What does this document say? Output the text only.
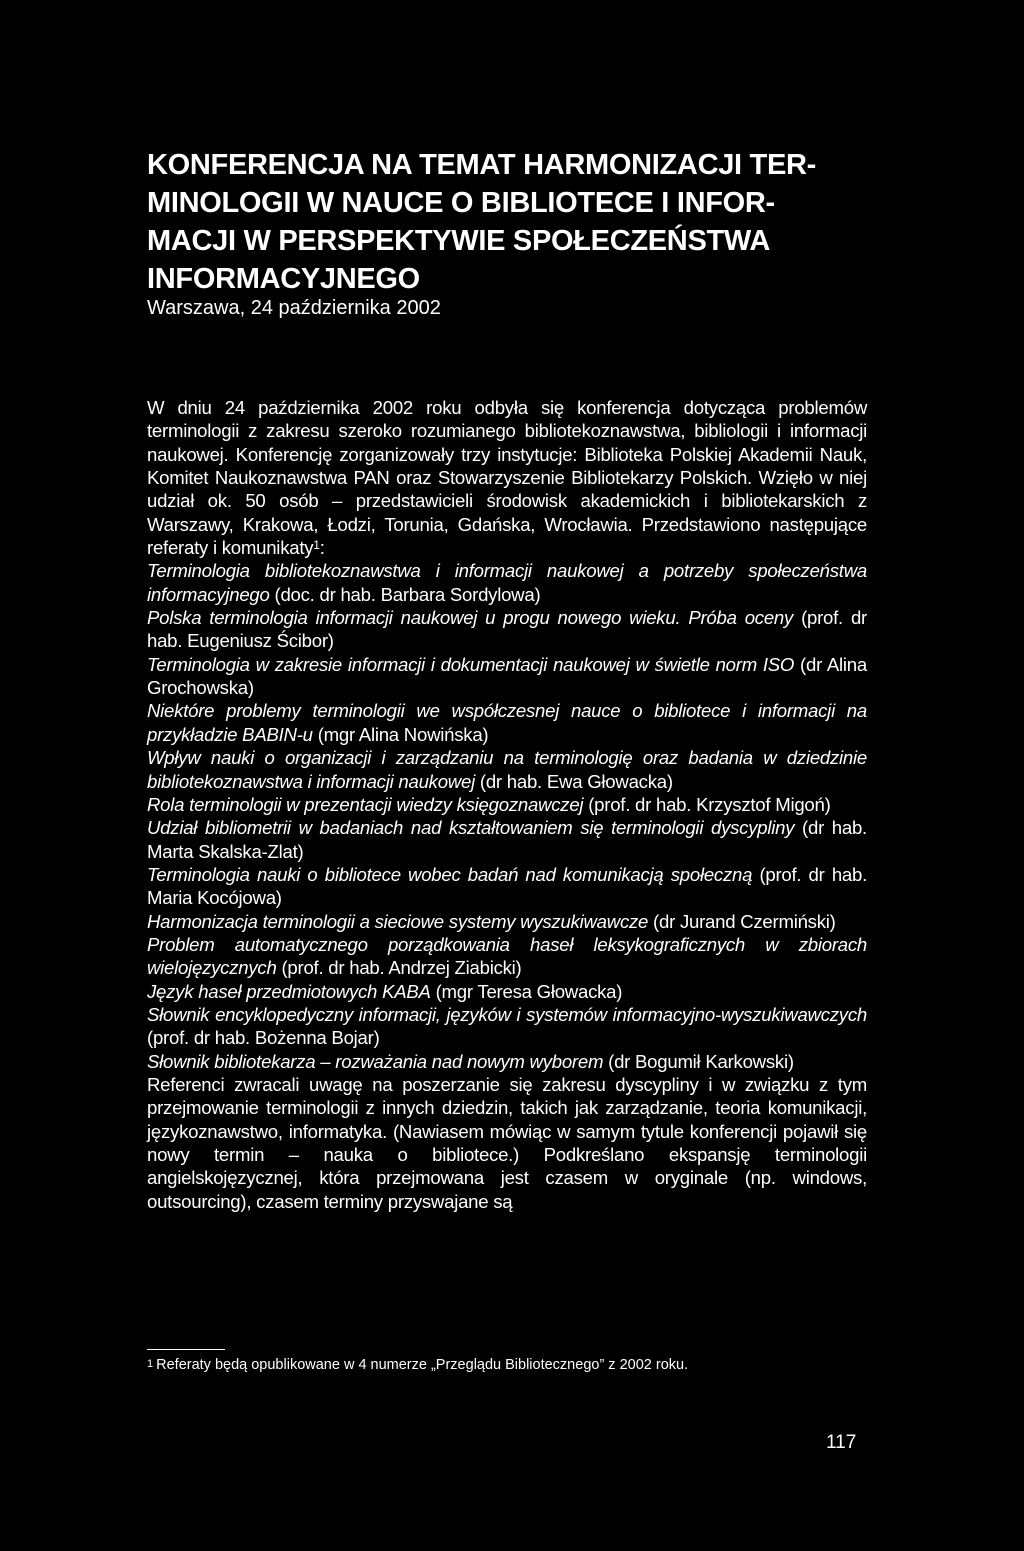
KONFERENCJA NA TEMAT HARMONIZACJI TER-
MINOLOGII W NAUCE O BIBLIOTECE I INFOR-
MACJI W PERSPEKTYWIE SPOŁECZEŃSTWA
INFORMACYJNEGO

Warszawa, 24 października 2002

W dniu 24 października 2002 roku odbyła się konferencja dotycząca problemów terminologii z zakresu szeroko rozumianego bibliotekoznawstwa, bibliologii i informacji naukowej. Konferencję zorganizowały trzy instytucje: Biblioteka Polskiej Akademii Nauk, Komitet Naukoznawstwa PAN oraz Stowarzyszenie Bibliotekarzy Polskich. Wzięło w niej udział ok. 50 osób – przedstawicieli środowisk akademickich i bibliotekarskich z Warszawy, Krakowa, Łodzi, Torunia, Gdańska, Wrocławia. Przedstawiono następujące referaty i komunikaty$^1$:

Terminologia bibliotekoznawstwa i informacji naukowej a potrzeby społeczeństwa informacyjnego (doc. dr hab. Barbara Sordylowa)

Polska terminologia informacji naukowej u progu nowego wieku. Próba oceny (prof. dr hab. Eugeniusz Ścibor)

Terminologia w zakresie informacji i dokumentacji naukowej w świetle norm ISO (dr Alina Grochowska)

Niektóre problemy terminologii we współczesnej nauce o bibliotece i informacji na przykładzie BABIN-u (mgr Alina Nowińska)

Wpływ nauki o organizacji i zarządzaniu na terminologię oraz badania w dziedzinie bibliotekoznawstwa i informacji naukowej (dr hab. Ewa Głowacka)

Rola terminologii w prezentacji wiedzy księgoznawczej (prof. dr hab. Krzysztof Migoń)

Udział bibliometrii w badaniach nad kształtowaniem się terminologii dyscypliny (dr hab. Marta Skalska-Zlat)

Terminologia nauki o bibliotece wobec badań nad komunikacją społeczną (prof. dr hab. Maria Kocójowa)

Harmonizacja terminologii a sieciowe systemy wyszukiwawcze (dr Jurand Czermiński)

Problem automatycznego porządkowania haseł leksykograficznych w zbiorach wielojęzycznych (prof. dr hab. Andrzej Ziabicki)

Język haseł przedmiotowych KABA (mgr Teresa Głowacka)

Słownik encyklopedyczny informacji, języków i systemów informacyjno-wyszukiwawczych (prof. dr hab. Bożenna Bojar)

Słownik bibliotekarza – rozważania nad nowym wyborem (dr Bogumił Karkowski)

Referenci zwracali uwagę na poszerzanie się zakresu dyscypliny i w związku z tym przejmowanie terminologii z innych dziedzin, takich jak zarządzanie, teoria komunikacji, językoznawstwo, informatyka. (Nawiasem mówiąc w samym tytule konferencji pojawił się nowy termin – nauka o bibliotece.) Podkreślano ekspansję terminologii angielskojęzycznej, która przejmowana jest czasem w oryginale (np. windows, outsourcing), czasem terminy przyswajane są

$^1$ Referaty będą opublikowane w 4 numerze „Przeglądu Bibliotecznego” z 2002 roku.

117
